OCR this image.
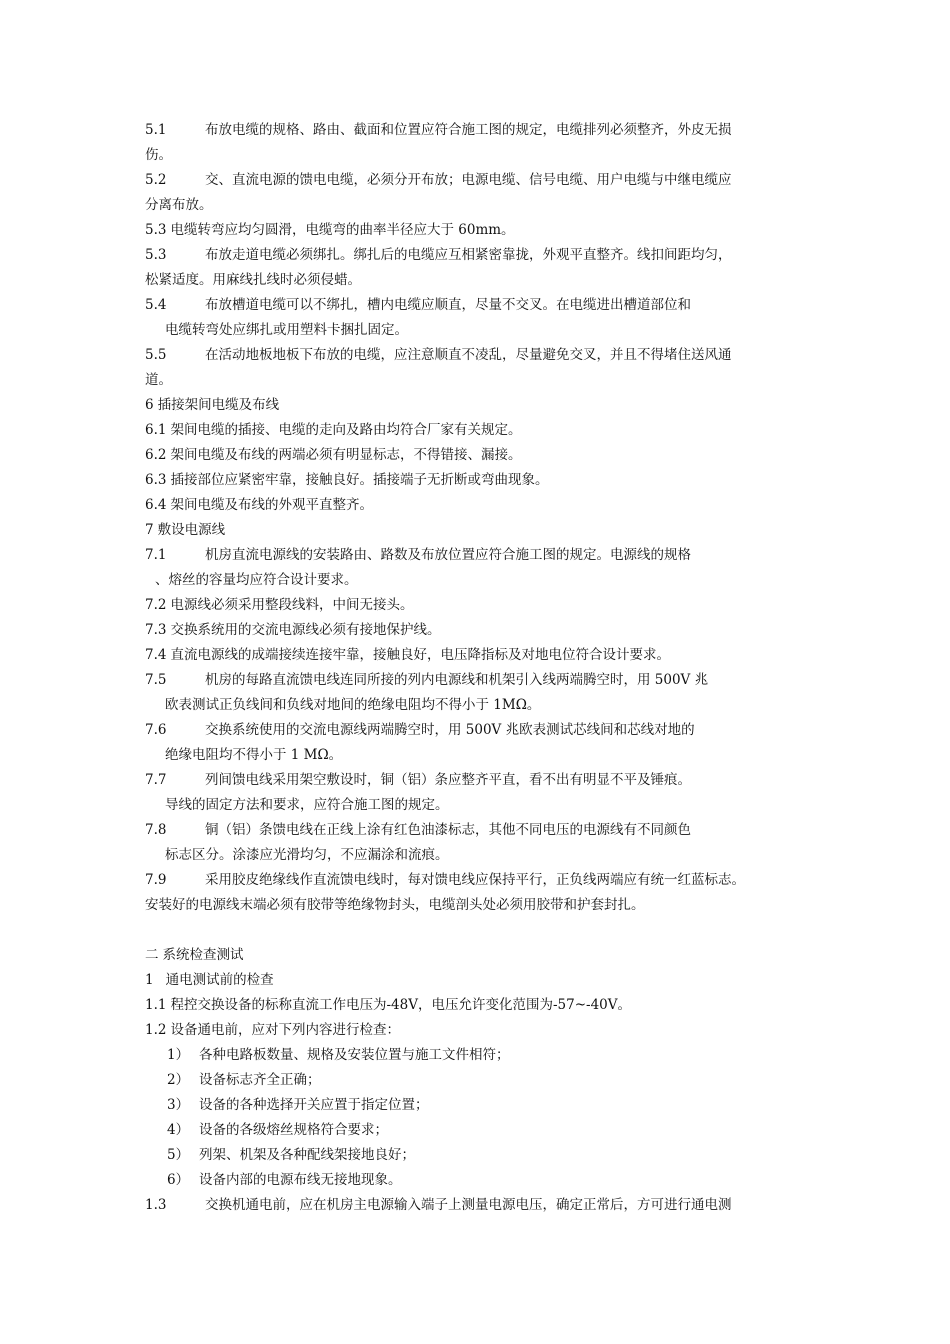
5.1	布放电缆的规格、路由、截面和位置应符合施工图的规定，电缆排列必须整齐，外皮无损
伤。
5.2	交、直流电源的馈电电缆，必须分开布放；电源电缆、信号电缆、用户电缆与中继电缆应
分离布放。
5.3 电缆转弯应均匀圆滑，电缆弯的曲率半径应大于 60mm。
5.3	布放走道电缆必须绑扎。绑扎后的电缆应互相紧密靠拢，外观平直整齐。线扣间距均匀，
松紧适度。用麻线扎线时必须侵蜡。
5.4	布放槽道电缆可以不绑扎，槽内电缆应顺直，尽量不交叉。在电缆进出槽道部位和
电缆转弯处应绑扎或用塑料卡捆扎固定。
5.5	在活动地板地板下布放的电缆，应注意顺直不凌乱，尽量避免交叉，并且不得堵住送风通
道。
6 插接架间电缆及布线
6.1 架间电缆的插接、电缆的走向及路由均符合厂家有关规定。
6.2 架间电缆及布线的两端必须有明显标志，不得错接、漏接。
6.3 插接部位应紧密牢靠，接触良好。插接端子无折断或弯曲现象。
6.4 架间电缆及布线的外观平直整齐。
7 敷设电源线
7.1	机房直流电源线的安装路由、路数及布放位置应符合施工图的规定。电源线的规格
、熔丝的容量均应符合设计要求。
7.2 电源线必须采用整段线料，中间无接头。
7.3 交换系统用的交流电源线必须有接地保护线。
7.4 直流电源线的成端接续连接牢靠，接触良好，电压降指标及对地电位符合设计要求。
7.5	机房的每路直流馈电线连同所接的列内电源线和机架引入线两端腾空时，用 500V 兆
欧表测试正负线间和负线对地间的绝缘电阻均不得小于 1MΩ。
7.6	交换系统使用的交流电源线两端腾空时，用 500V 兆欧表测试芯线间和芯线对地的
绝缘电阻均不得小于 1 MΩ。
7.7	列间馈电线采用架空敷设时，铜（铝）条应整齐平直，看不出有明显不平及锤痕。
导线的固定方法和要求，应符合施工图的规定。
7.8	铜（铝）条馈电线在正线上涂有红色油漆标志，其他不同电压的电源线有不同颜色
标志区分。涂漆应光滑均匀，不应漏涂和流痕。
7.9	采用胶皮绝缘线作直流馈电线时，每对馈电线应保持平行，正负线两端应有统一红蓝标志。
安装好的电源线末端必须有胶带等绝缘物封头，电缆剖头处必须用胶带和护套封扎。
二 系统检查测试
1 通电测试前的检查
1.1 程控交换设备的标称直流工作电压为-48V，电压允许变化范围为-57~-40V。
1.2 设备通电前，应对下列内容进行检查：
1） 各种电路板数量、规格及安装位置与施工文件相符；
2） 设备标志齐全正确；
3） 设备的各种选择开关应置于指定位置；
4） 设备的各级熔丝规格符合要求；
5） 列架、机架及各种配线架接地良好；
6） 设备内部的电源布线无接地现象。
1.3	交换机通电前，应在机房主电源输入端子上测量电源电压，确定正常后，方可进行通电测
